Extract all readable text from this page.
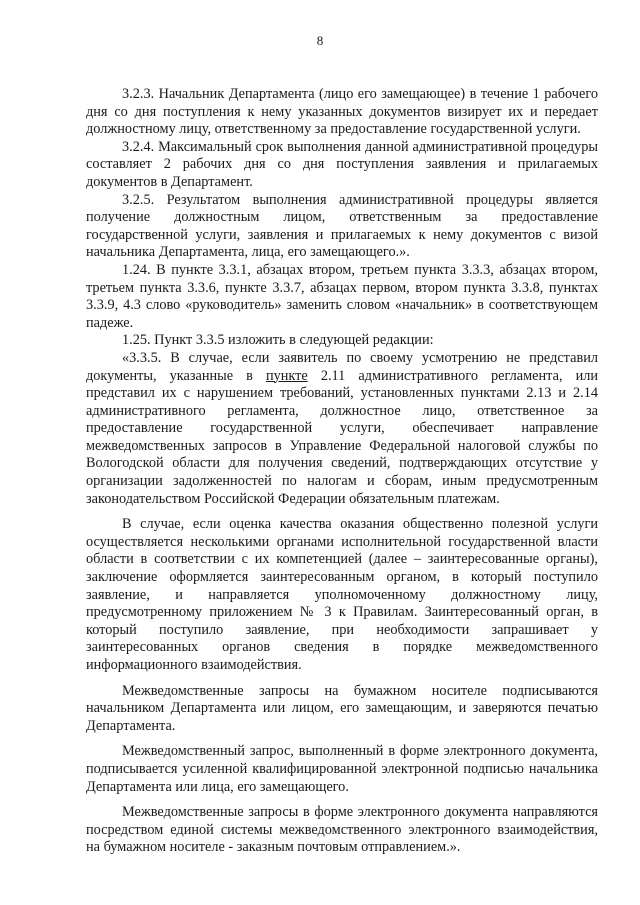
8

3.2.3. Начальник Департамента (лицо его замещающее) в течение 1 рабочего дня со дня поступления к нему указанных документов визирует их и передает должностному лицу, ответственному за предоставление государственной услуги.

3.2.4. Максимальный срок выполнения данной административной процедуры составляет 2 рабочих дня со дня поступления заявления и прилагаемых документов в Департамент.

3.2.5. Результатом выполнения административной процедуры является получение должностным лицом, ответственным за предоставление государственной услуги, заявления и прилагаемых к нему документов с визой начальника Департамента, лица, его замещающего.».

1.24. В пункте 3.3.1, абзацах втором, третьем пункта 3.3.3, абзацах втором, третьем пункта 3.3.6, пункте 3.3.7, абзацах первом, втором пункта 3.3.8, пунктах 3.3.9, 4.3 слово «руководитель» заменить словом «начальник» в соответствующем падеже.

1.25. Пункт 3.3.5 изложить в следующей редакции:

«3.3.5. В случае, если заявитель по своему усмотрению не представил документы, указанные в пункте 2.11 административного регламента, или представил их с нарушением требований, установленных пунктами 2.13 и 2.14 административного регламента, должностное лицо, ответственное за предоставление государственной услуги, обеспечивает направление межведомственных запросов в Управление Федеральной налоговой службы по Вологодской области для получения сведений, подтверждающих отсутствие у организации задолженностей по налогам и сборам, иным предусмотренным законодательством Российской Федерации обязательным платежам.

В случае, если оценка качества оказания общественно полезной услуги осуществляется несколькими органами исполнительной государственной власти области в соответствии с их компетенцией (далее – заинтересованные органы), заключение оформляется заинтересованным органом, в который поступило заявление, и направляется уполномоченному должностному лицу, предусмотренному приложением № 3 к Правилам. Заинтересованный орган, в который поступило заявление, при необходимости запрашивает у заинтересованных органов сведения в порядке межведомственного информационного взаимодействия.

Межведомственные запросы на бумажном носителе подписываются начальником Департамента или лицом, его замещающим, и заверяются печатью Департамента.

Межведомственный запрос, выполненный в форме электронного документа, подписывается усиленной квалифицированной электронной подписью начальника Департамента или лица, его замещающего.

Межведомственные запросы в форме электронного документа направляются посредством единой системы межведомственного электронного взаимодействия, на бумажном носителе - заказным почтовым отправлением.».
